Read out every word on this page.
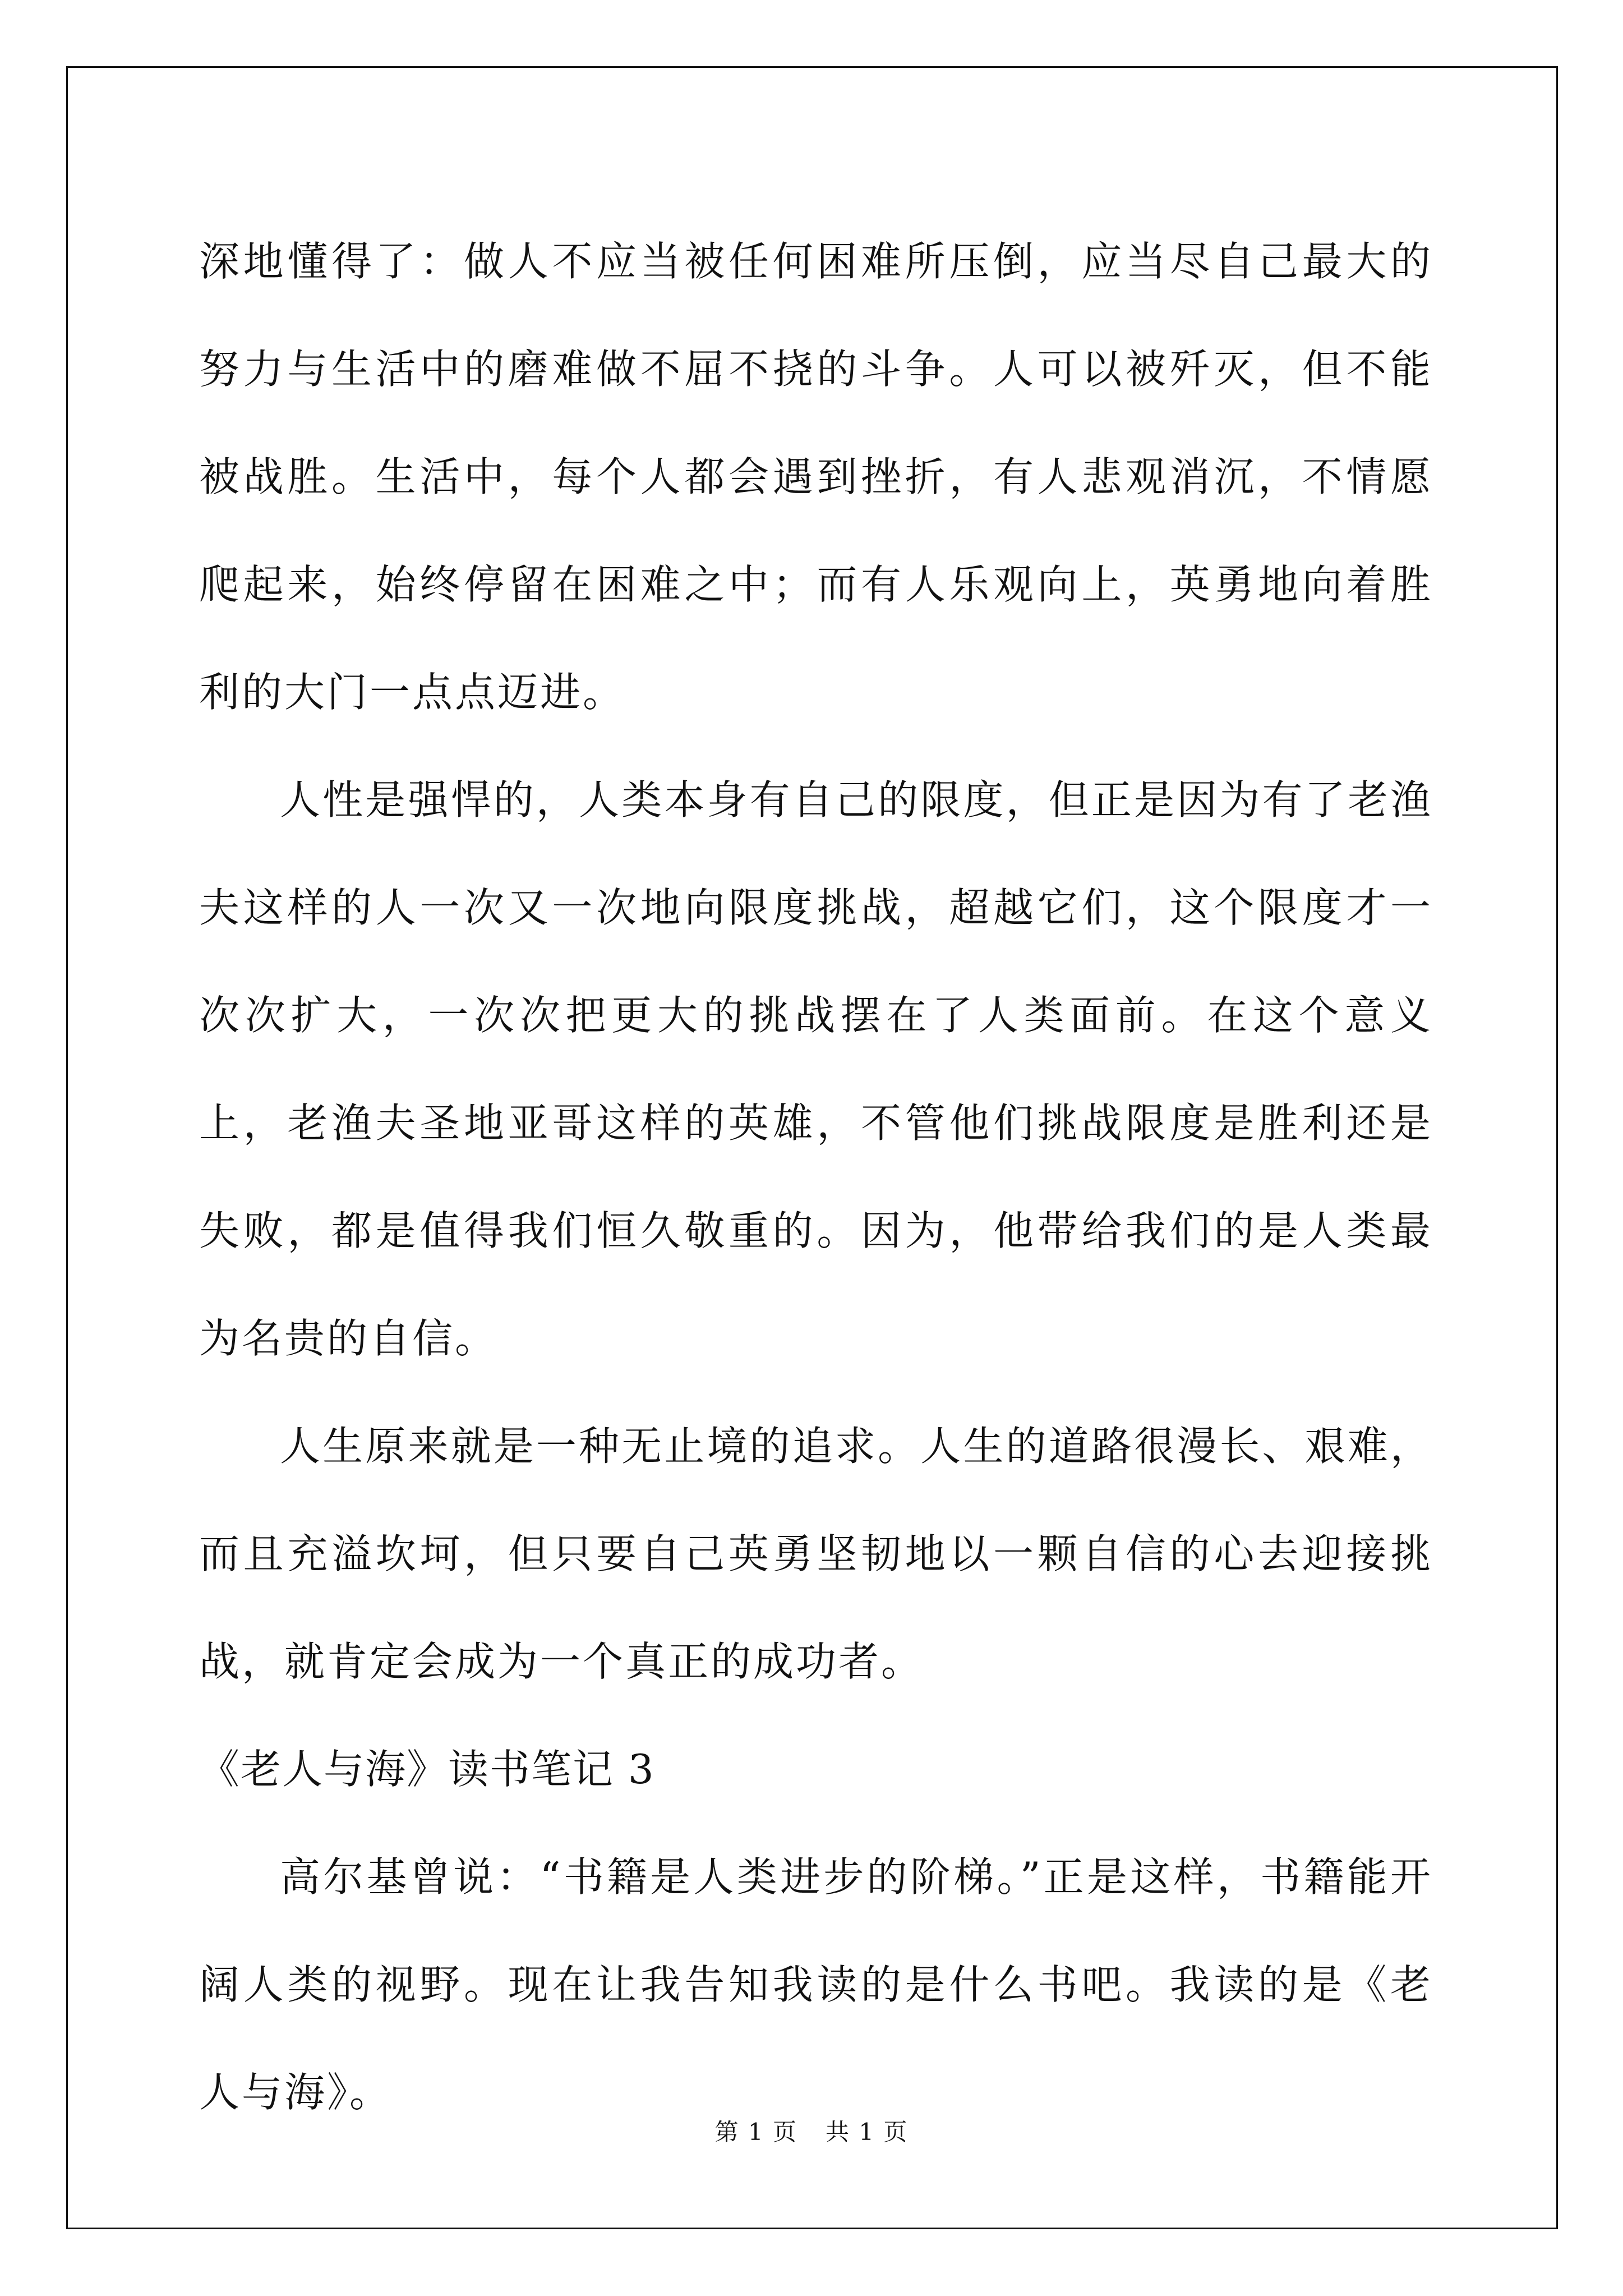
深地懂得了：做人不应当被任何困难所压倒，应当尽自己最大的努力与生活中的磨难做不屈不挠的斗争。人可以被歼灭，但不能被战胜。生活中，每个人都会遇到挫折，有人悲观消沉，不情愿爬起来，始终停留在困难之中；而有人乐观向上，英勇地向着胜利的大门一点点迈进。

人性是强悍的，人类本身有自己的限度，但正是因为有了老渔夫这样的人一次又一次地向限度挑战，超越它们，这个限度才一次次扩大，一次次把更大的挑战摆在了人类面前。在这个意义上，老渔夫圣地亚哥这样的英雄，不管他们挑战限度是胜利还是失败，都是值得我们恒久敬重的。因为，他带给我们的是人类最为名贵的自信。

人生原来就是一种无止境的追求。人生的道路很漫长、艰难，而且充溢坎坷，但只要自己英勇坚韧地以一颗自信的心去迎接挑战，就肯定会成为一个真正的成功者。

《老人与海》读书笔记 3

高尔基曾说：“书籍是人类进步的阶梯。”正是这样，书籍能开阔人类的视野。现在让我告知我读的是什么书吧。我读的是《老人与海》。

第 1 页 共 1 页
